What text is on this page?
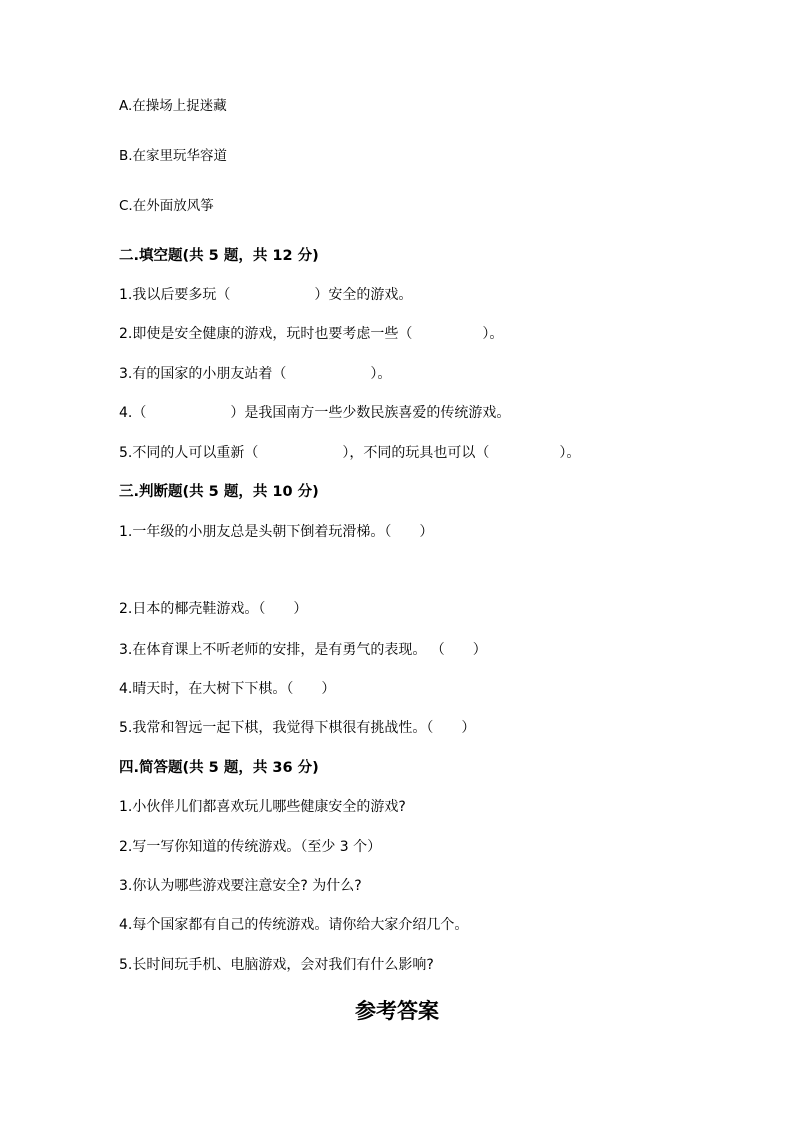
A.在操场上捉迷藏
B.在家里玩华容道
C.在外面放风筝
二.填空题(共 5 题，共 12 分)
1.我以后要多玩（　　　　　　）安全的游戏。
2.即使是安全健康的游戏，玩时也要考虑一些（　　　　　）。
3.有的国家的小朋友站着（　　　　　　）。
4.（　　　　　　）是我国南方一些少数民族喜爱的传统游戏。
5.不同的人可以重新（　　　　　　），不同的玩具也可以（　　　　　）。
三.判断题(共 5 题，共 10 分)
1.一年级的小朋友总是头朝下倒着玩滑梯。（　　）
2.日本的椰壳鞋游戏。（　　）
3.在体育课上不听老师的安排，是有勇气的表现。 （　　）
4.晴天时，在大树下下棋。（　　）
5.我常和智远一起下棋，我觉得下棋很有挑战性。（　　）
四.简答题(共 5 题，共 36 分)
1.小伙伴儿们都喜欢玩儿哪些健康安全的游戏?
2.写一写你知道的传统游戏。（至少 3 个）
3.你认为哪些游戏要注意安全? 为什么?
4.每个国家都有自己的传统游戏。请你给大家介绍几个。
5.长时间玩手机、电脑游戏，会对我们有什么影响?
参考答案
